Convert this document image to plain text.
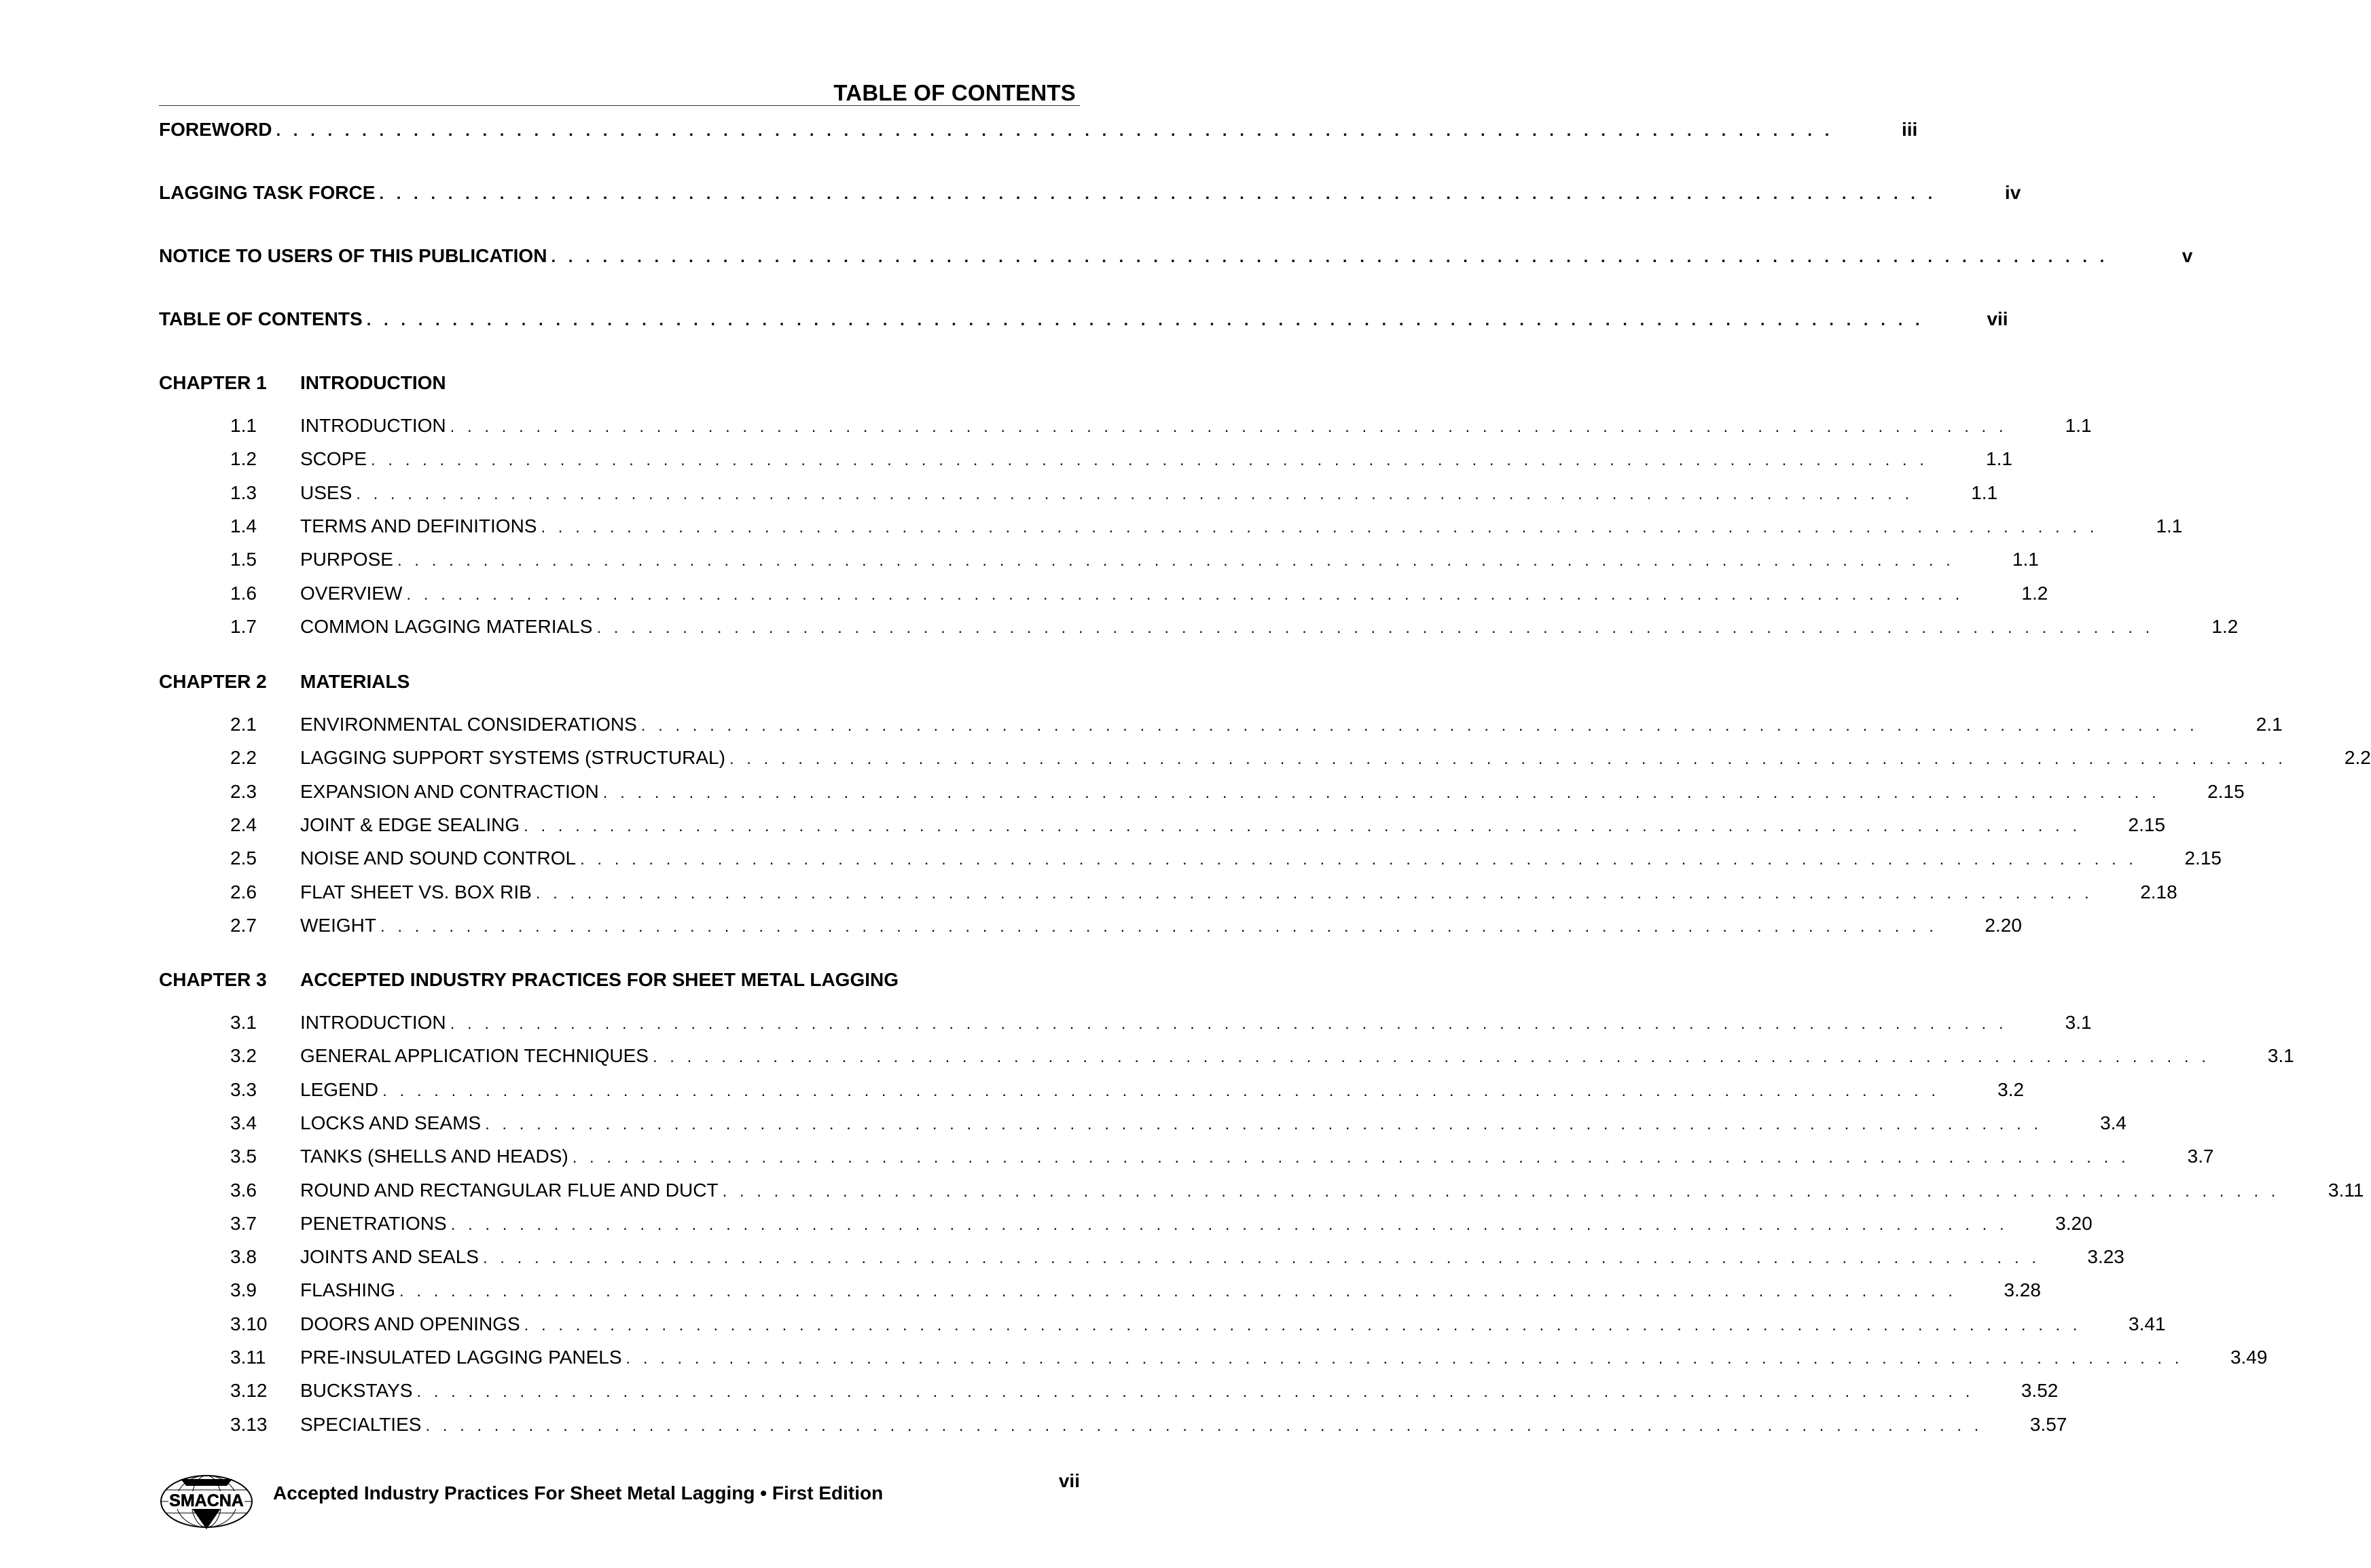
TABLE OF CONTENTS
FOREWORD . . . . . . . . . . . . . . . . . . . . . . . . . . . . . . . . . . . . . . . . . . . . . . . . . . . . . . . . . . . . . . . . . . . . . . . . . . . . . . . . . . . . . . . . . . .	iii
LAGGING TASK FORCE . . . . . . . . . . . . . . . . . . . . . . . . . . . . . . . . . . . . . . . . . . . . . . . . . . . . . . . . . . . . . . . . . . . . . . . . . . . . . . . . . . . . . . . . . . .	iv
NOTICE TO USERS OF THIS PUBLICATION . . . . . . . . . . . . . . . . . . . . . . . . . . . . . . . . . . . . . . . . . . . . . . . . . . . . . . . . . . . . . . . . . . . . . . . . . . . . . . . . . . . . . . . . . . .	v
TABLE OF CONTENTS . . . . . . . . . . . . . . . . . . . . . . . . . . . . . . . . . . . . . . . . . . . . . . . . . . . . . . . . . . . . . . . . . . . . . . . . . . . . . . . . . . . . . . . . . . .	vii
CHAPTER 1	INTRODUCTION
1.1 INTRODUCTION . . . . . . . . . . . . . . . . . . . . . . . . . . . . . . . . . . . . . . . . . . . . . . . . . . . . . . . . . . . . . . . . . . . . . . . . . . . . . . . . . . . . . . . . . . .	1.1
1.2 SCOPE . . . . . . . . . . . . . . . . . . . . . . . . . . . . . . . . . . . . . . . . . . . . . . . . . . . . . . . . . . . . . . . . . . . . . . . . . . . . . . . . . . . . . . . . . . .	1.1
1.3 USES . . . . . . . . . . . . . . . . . . . . . . . . . . . . . . . . . . . . . . . . . . . . . . . . . . . . . . . . . . . . . . . . . . . . . . . . . . . . . . . . . . . . . . . . . . .	1.1
1.4 TERMS AND DEFINITIONS . . . . . . . . . . . . . . . . . . . . . . . . . . . . . . . . . . . . . . . . . . . . . . . . . . . . . . . . . . . . . . . . . . . . . . . . . . . . . . . . . . . . . . . . . . .	1.1
1.5 PURPOSE . . . . . . . . . . . . . . . . . . . . . . . . . . . . . . . . . . . . . . . . . . . . . . . . . . . . . . . . . . . . . . . . . . . . . . . . . . . . . . . . . . . . . . . . . . .	1.1
1.6 OVERVIEW . . . . . . . . . . . . . . . . . . . . . . . . . . . . . . . . . . . . . . . . . . . . . . . . . . . . . . . . . . . . . . . . . . . . . . . . . . . . . . . . . . . . . . . . . . .	1.2
1.7 COMMON LAGGING MATERIALS . . . . . . . . . . . . . . . . . . . . . . . . . . . . . . . . . . . . . . . . . . . . . . . . . . . . . . . . . . . . . . . . . . . . . . . . . . . . . . . . . . . . . . . . . . .	1.2
CHAPTER 2	MATERIALS
2.1 ENVIRONMENTAL CONSIDERATIONS . . . . . . . . . . . . . . . . . . . . . . . . . . . . . . . . . . . . . . . . . . . . . . . . . . . . . . . . . . . . . . . . . . . . . . . . . . . . . . . . . . . . . . . . . . .	2.1
2.2 LAGGING SUPPORT SYSTEMS (STRUCTURAL) . . . . . . . . . . . . . . . . . . . . . . . . . . . . . . . . . . . . . . . . . . . . . . . . . . . . . . . . . . . . . . . . . . . . . . . . . . . . . . . . . . . . . . . . . . .	2.2
2.3 EXPANSION AND CONTRACTION . . . . . . . . . . . . . . . . . . . . . . . . . . . . . . . . . . . . . . . . . . . . . . . . . . . . . . . . . . . . . . . . . . . . . . . . . . . . . . . . . . . . . . . . . . .	2.15
2.4 JOINT & EDGE SEALING . . . . . . . . . . . . . . . . . . . . . . . . . . . . . . . . . . . . . . . . . . . . . . . . . . . . . . . . . . . . . . . . . . . . . . . . . . . . . . . . . . . . . . . . . . .	2.15
2.5 NOISE AND SOUND CONTROL . . . . . . . . . . . . . . . . . . . . . . . . . . . . . . . . . . . . . . . . . . . . . . . . . . . . . . . . . . . . . . . . . . . . . . . . . . . . . . . . . . . . . . . . . . .	2.15
2.6 FLAT SHEET VS. BOX RIB . . . . . . . . . . . . . . . . . . . . . . . . . . . . . . . . . . . . . . . . . . . . . . . . . . . . . . . . . . . . . . . . . . . . . . . . . . . . . . . . . . . . . . . . . . .	2.18
2.7 WEIGHT . . . . . . . . . . . . . . . . . . . . . . . . . . . . . . . . . . . . . . . . . . . . . . . . . . . . . . . . . . . . . . . . . . . . . . . . . . . . . . . . . . . . . . . . . . .	2.20
CHAPTER 3	ACCEPTED INDUSTRY PRACTICES FOR SHEET METAL LAGGING
3.1 INTRODUCTION . . . . . . . . . . . . . . . . . . . . . . . . . . . . . . . . . . . . . . . . . . . . . . . . . . . . . . . . . . . . . . . . . . . . . . . . . . . . . . . . . . . . . . . . . . .	3.1
3.2 GENERAL APPLICATION TECHNIQUES . . . . . . . . . . . . . . . . . . . . . . . . . . . . . . . . . . . . . . . . . . . . . . . . . . . . . . . . . . . . . . . . . . . . . . . . . . . . . . . . . . . . . . . . . . .	3.1
3.3 LEGEND . . . . . . . . . . . . . . . . . . . . . . . . . . . . . . . . . . . . . . . . . . . . . . . . . . . . . . . . . . . . . . . . . . . . . . . . . . . . . . . . . . . . . . . . . . .	3.2
3.4 LOCKS AND SEAMS . . . . . . . . . . . . . . . . . . . . . . . . . . . . . . . . . . . . . . . . . . . . . . . . . . . . . . . . . . . . . . . . . . . . . . . . . . . . . . . . . . . . . . . . . . .	3.4
3.5 TANKS (SHELLS AND HEADS) . . . . . . . . . . . . . . . . . . . . . . . . . . . . . . . . . . . . . . . . . . . . . . . . . . . . . . . . . . . . . . . . . . . . . . . . . . . . . . . . . . . . . . . . . . .	3.7
3.6 ROUND AND RECTANGULAR FLUE AND DUCT . . . . . . . . . . . . . . . . . . . . . . . . . . . . . . . . . . . . . . . . . . . . . . . . . . . . . . . . . . . . . . . . . . . . . . . . . . . . . . . . . . . . . . . . . . .	3.11
3.7 PENETRATIONS . . . . . . . . . . . . . . . . . . . . . . . . . . . . . . . . . . . . . . . . . . . . . . . . . . . . . . . . . . . . . . . . . . . . . . . . . . . . . . . . . . . . . . . . . . .	3.20
3.8 JOINTS AND SEALS . . . . . . . . . . . . . . . . . . . . . . . . . . . . . . . . . . . . . . . . . . . . . . . . . . . . . . . . . . . . . . . . . . . . . . . . . . . . . . . . . . . . . . . . . . .	3.23
3.9 FLASHING . . . . . . . . . . . . . . . . . . . . . . . . . . . . . . . . . . . . . . . . . . . . . . . . . . . . . . . . . . . . . . . . . . . . . . . . . . . . . . . . . . . . . . . . . . .	3.28
3.10 DOORS AND OPENINGS . . . . . . . . . . . . . . . . . . . . . . . . . . . . . . . . . . . . . . . . . . . . . . . . . . . . . . . . . . . . . . . . . . . . . . . . . . . . . . . . . . . . . . . . . . .	3.41
3.11 PRE-INSULATED LAGGING PANELS . . . . . . . . . . . . . . . . . . . . . . . . . . . . . . . . . . . . . . . . . . . . . . . . . . . . . . . . . . . . . . . . . . . . . . . . . . . . . . . . . . . . . . . . . . .	3.49
3.12 BUCKSTAYS . . . . . . . . . . . . . . . . . . . . . . . . . . . . . . . . . . . . . . . . . . . . . . . . . . . . . . . . . . . . . . . . . . . . . . . . . . . . . . . . . . . . . . . . . . .	3.52
3.13 SPECIALTIES . . . . . . . . . . . . . . . . . . . . . . . . . . . . . . . . . . . . . . . . . . . . . . . . . . . . . . . . . . . . . . . . . . . . . . . . . . . . . . . . . . . . . . . . . . .	3.57
SMACNA Accepted Industry Practices For Sheet Metal Lagging • First Edition
vii
